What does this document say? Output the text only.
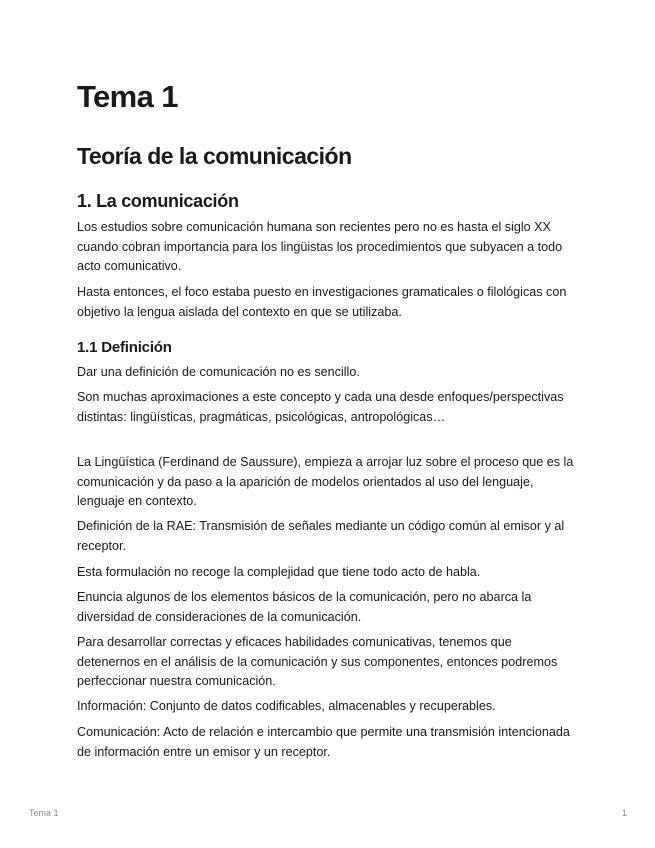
Tema 1
Teoría de la comunicación
1. La comunicación

Los estudios sobre comunicación humana son recientes pero no es hasta el siglo XX cuando cobran importancia para los lingüistas los procedimientos que subyacen a todo acto comunicativo.

Hasta entonces, el foco estaba puesto en investigaciones gramaticales o filológicas con objetivo la lengua aislada del contexto en que se utilizaba.

1.1 Definición

Dar una definición de comunicación no es sencillo.

Son muchas aproximaciones a este concepto y cada una desde enfoques/perspectivas distintas: lingüísticas, pragmáticas, psicológicas, antropológicas…

La Lingüística (Ferdinand de Saussure), empieza a arrojar luz sobre el proceso que es la comunicación y da paso a la aparición de modelos orientados al uso del lenguaje, lenguaje en contexto.

Definición de la RAE: Transmisión de señales mediante un código común al emisor y al receptor.

Esta formulación no recoge la complejidad que tiene todo acto de habla.

Enuncia algunos de los elementos básicos de la comunicación, pero no abarca la diversidad de consideraciones de la comunicación.

Para desarrollar correctas y eficaces habilidades comunicativas, tenemos que detenernos en el análisis de la comunicación y sus componentes, entonces podremos perfeccionar nuestra comunicación.

Información: Conjunto de datos codificables, almacenables y recuperables.

Comunicación: Acto de relación e intercambio que permite una transmisión intencionada de información entre un emisor y un receptor.

Tema 1	1
